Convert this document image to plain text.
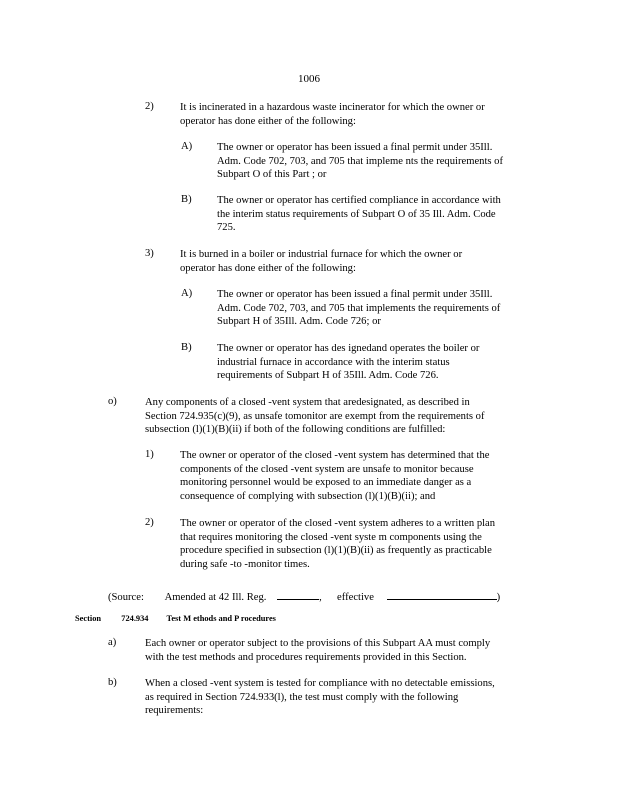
1006
2) It is incinerated in a hazardous waste incinerator for which the owner or
operator has done either of the following:
A) The owner or operator has been issued a final permit under 35Ill.
Adm. Code 702, 703, and 705 that impleme nts the requirements of
Subpart O of this Part ; or
B) The owner or operator has certified compliance in accordance with
the interim status requirements of Subpart O of 35 Ill. Adm. Code
725.
3) It is burned in a boiler or industrial furnace for which the owner or
operator has done either of the following:
A) The owner or operator has been issued a final permit under 35Ill.
Adm. Code 702, 703, and 705 that implements the requirements of
Subpart H of 35Ill. Adm. Code 726; or
B) The owner or operator has des ignedand operates the boiler or
industrial furnace in accordance with the interim status
requirements of Subpart H of 35Ill. Adm. Code 726.
o)	Any components of a closed -vent system that aredesignated, as described in
Section 724.935(c)(9), as unsafe tomonitor are exempt from the requirements of
subsection (l)(1)(B)(ii) if both of the following conditions are fulfilled:
1) The owner or operator of the closed -vent system has determined that the
components of the closed -vent system are unsafe to monitor because
monitoring personnel would be exposed to an immediate danger as a
consequence of complying with subsection (l)(1)(B)(ii); and
2) The owner or operator of the closed -vent system adheres to a written plan
that requires monitoring the closed -vent syste m components using the
procedure specified in subsection (l)(1)(B)(ii) as frequently as practicable
during safe -to -monitor times.
(Source: Amended at 42 Ill. Reg.	, effective	)
Section 724.934 Test M ethods and P rocedures
a)	Each owner or operator subject to the provisions of this Subpart AA must comply
with the test methods and procedures requirements provided in this Section.
b)	When a closed -vent system is tested for compliance with no detectable emissions,
as required in Section 724.933(l), the test must comply with the following
requirements:
